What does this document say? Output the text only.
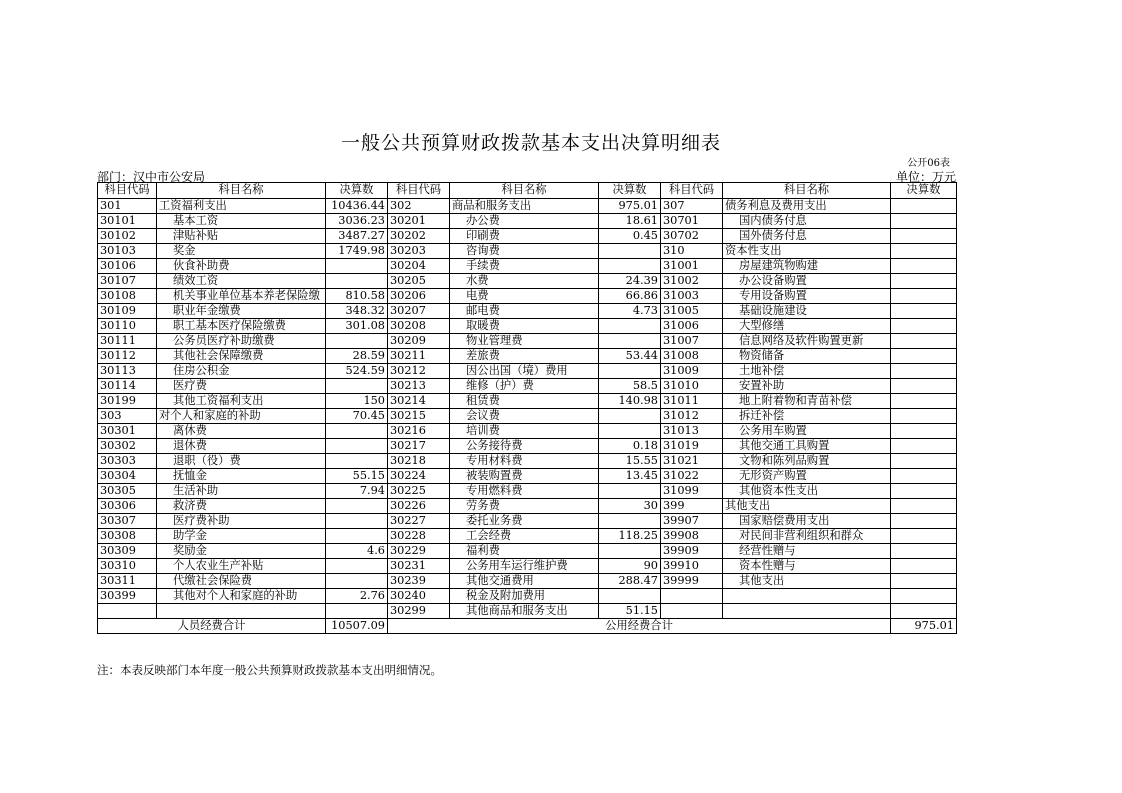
一般公共预算财政拨款基本支出决算明细表
公开06表
部门：汉中市公安局	单位：万元
科目代码	科目名称	决算数	科目代码	科目名称	决算数	科目代码	科目名称	决算数
301	工资福利支出	10436.44	302	商品和服务支出	975.01	307	债务利息及费用支出	
30101	基本工资	3036.23	30201	办公费	18.61	30701	国内债务付息	
30102	津贴补贴	3487.27	30202	印刷费	0.45	30702	国外债务付息	
30103	奖金	1749.98	30203	咨询费		310	资本性支出	
30106	伙食补助费		30204	手续费		31001	房屋建筑物购建	
30107	绩效工资		30205	水费	24.39	31002	办公设备购置	
30108	机关事业单位基本养老保险缴	810.58	30206	电费	66.86	31003	专用设备购置	
30109	职业年金缴费	348.32	30207	邮电费	4.73	31005	基础设施建设	
30110	职工基本医疗保险缴费	301.08	30208	取暖费		31006	大型修缮	
30111	公务员医疗补助缴费		30209	物业管理费		31007	信息网络及软件购置更新	
30112	其他社会保障缴费	28.59	30211	差旅费	53.44	31008	物资储备	
30113	住房公积金	524.59	30212	因公出国（境）费用		31009	土地补偿	
30114	医疗费		30213	维修（护）费	58.5	31010	安置补助	
30199	其他工资福利支出	150	30214	租赁费	140.98	31011	地上附着物和青苗补偿	
303	对个人和家庭的补助	70.45	30215	会议费		31012	拆迁补偿	
30301	离休费		30216	培训费		31013	公务用车购置	
30302	退休费		30217	公务接待费	0.18	31019	其他交通工具购置	
30303	退职（役）费		30218	专用材料费	15.55	31021	文物和陈列品购置	
30304	抚恤金	55.15	30224	被装购置费	13.45	31022	无形资产购置	
30305	生活补助	7.94	30225	专用燃料费		31099	其他资本性支出	
30306	救济费		30226	劳务费	30	399	其他支出	
30307	医疗费补助		30227	委托业务费		39907	国家赔偿费用支出	
30308	助学金		30228	工会经费	118.25	39908	对民间非营利组织和群众	
30309	奖励金	4.6	30229	福利费		39909	经营性赠与	
30310	个人农业生产补贴		30231	公务用车运行维护费	90	39910	资本性赠与	
30311	代缴社会保险费		30239	其他交通费用	288.47	39999	其他支出	
30399	其他对个人和家庭的补助	2.76	30240	税金及附加费用				
			30299	其他商品和服务支出	51.15			
人员经费合计		10507.09	公用经费合计					975.01
注：本表反映部门本年度一般公共预算财政拨款基本支出明细情况。
